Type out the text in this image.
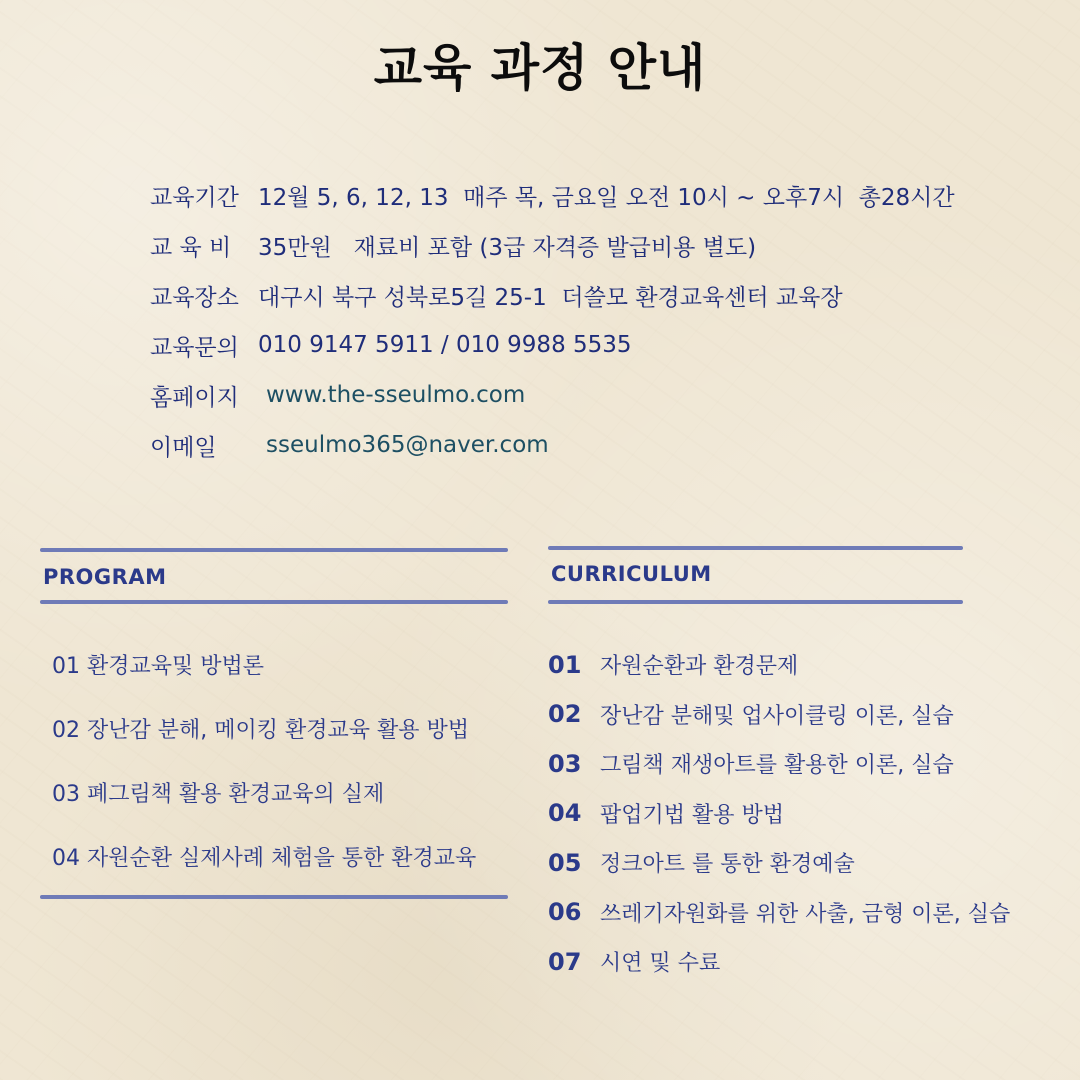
교육 과정 안내
교육기간 12월 5, 6, 12, 13  매주 목, 금요일 오전 10시 ~ 오후7시  총28시간
교 육 비	35만원   재료비 포함 (3급 자격증 발급비용 별도)
교육장소 대구시 북구 성북로5길 25-1  더쓸모 환경교육센터 교육장
교육문의 010 9147 5911 / 010 9988 5535
홈페이지	www.the-sseulmo.com
이메일	sseulmo365@naver.com
PROGRAM
01 환경교육및 방법론
02 장난감 분해, 메이킹 환경교육 활용 방법
03 폐그림책 활용 환경교육의 실제
04 자원순환 실제사례 체험을 통한 환경교육
CURRICULUM
01 자원순환과 환경문제
02 장난감 분해및 업사이클링 이론, 실습
03 그림책 재생아트를 활용한 이론, 실습
04 팝업기법 활용 방법
05 정크아트 를 통한 환경예술
06 쓰레기자원화를 위한 사출, 금형 이론, 실습
07 시연 및 수료
